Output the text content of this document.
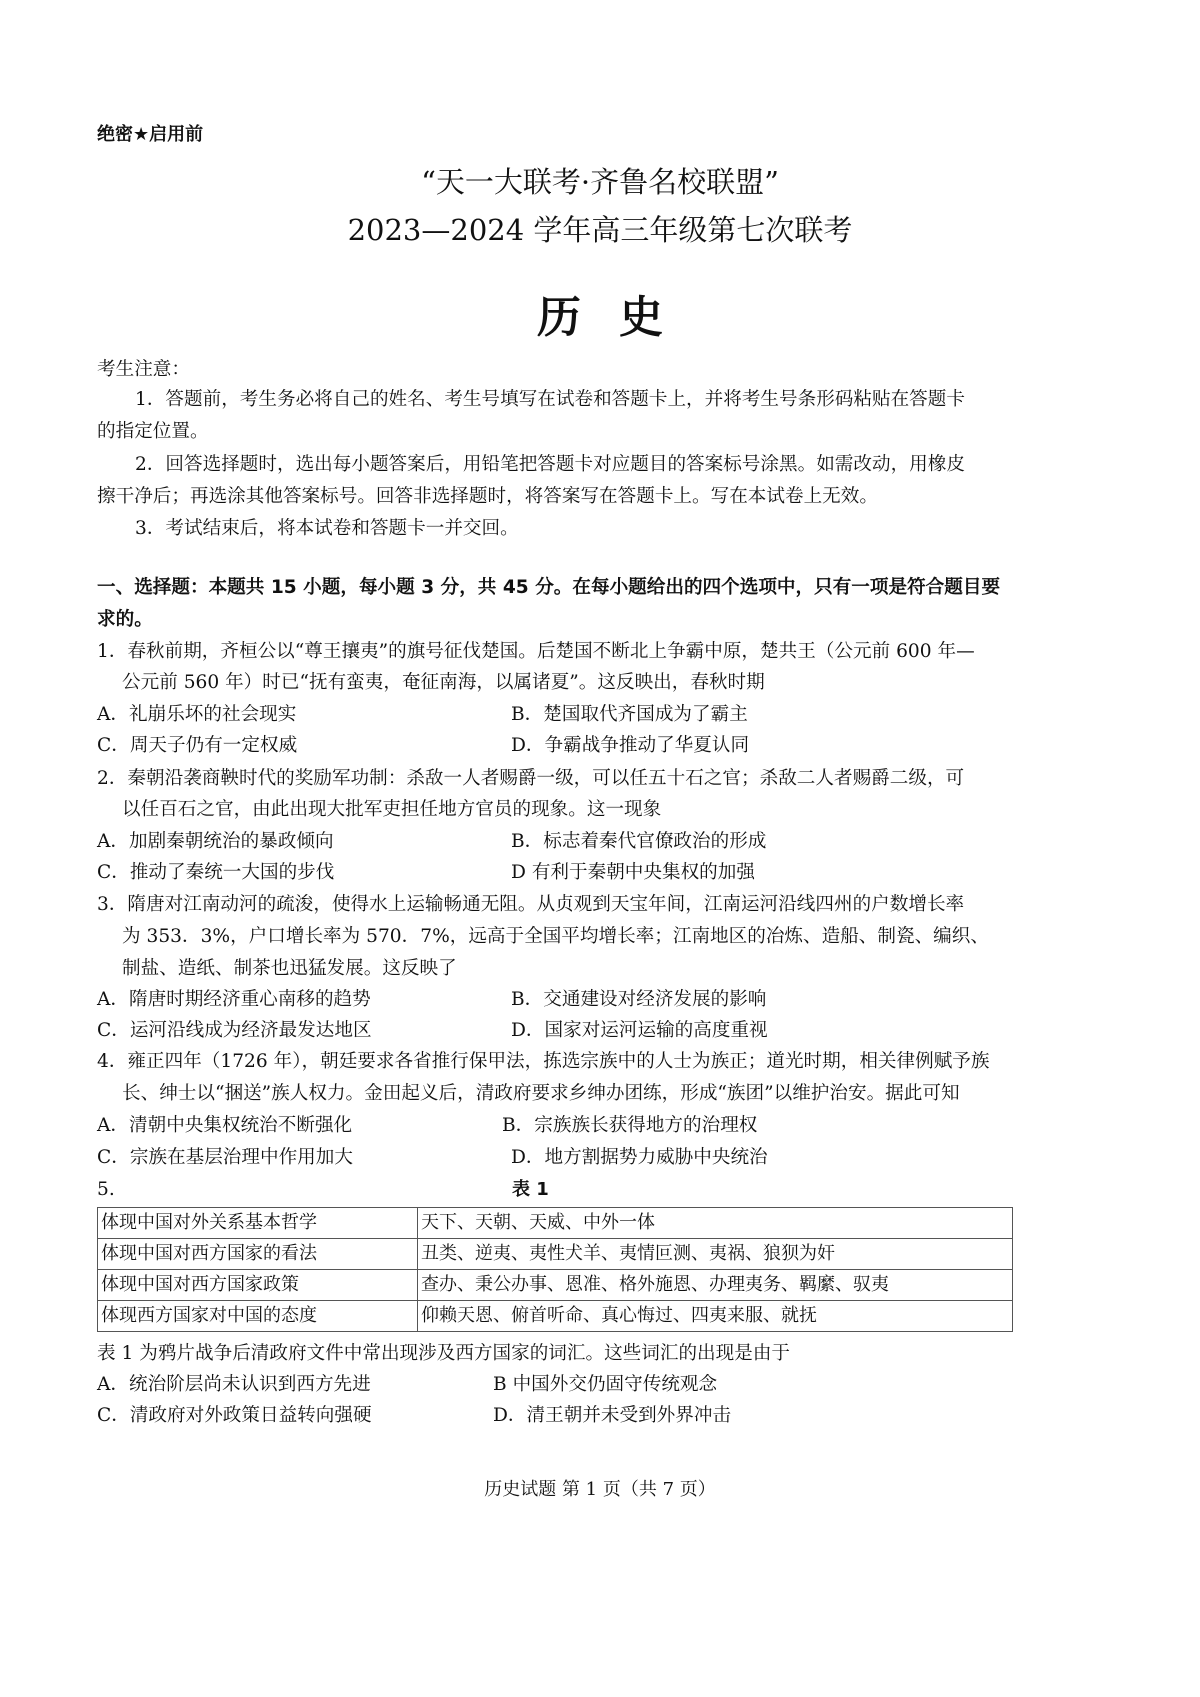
绝密★启用前
“天一大联考·齐鲁名校联盟”
2023—2024 学年高三年级第七次联考
历史
考生注意：
1．答题前，考生务必将自己的姓名、考生号填写在试卷和答题卡上，并将考生号条形码粘贴在答题卡
的指定位置。
2．回答选择题时，选出每小题答案后，用铅笔把答题卡对应题目的答案标号涂黑。如需改动，用橡皮
擦干净后；再选涂其他答案标号。回答非选择题时，将答案写在答题卡上。写在本试卷上无效。
3．考试结束后，将本试卷和答题卡一并交回。
一、选择题：本题共 15 小题，每小题 3 分，共 45 分。在每小题给出的四个选项中，只有一项是符合题目要
求的。
1．春秋前期，齐桓公以“尊王攘夷”的旗号征伐楚国。后楚国不断北上争霸中原，楚共王（公元前 600 年—
公元前 560 年）时已“抚有蛮夷，奄征南海，以属诸夏”。这反映出，春秋时期
A．礼崩乐坏的社会现实	B．楚国取代齐国成为了霸主
C．周天子仍有一定权威	D．争霸战争推动了华夏认同
2．秦朝沿袭商鞅时代的奖励军功制：杀敌一人者赐爵一级，可以任五十石之官；杀敌二人者赐爵二级，可
以任百石之官，由此出现大批军吏担任地方官员的现象。这一现象
A．加剧秦朝统治的暴政倾向	B．标志着秦代官僚政治的形成
C．推动了秦统一大国的步伐	D 有利于秦朝中央集权的加强
3．隋唐对江南动河的疏浚，使得水上运输畅通无阻。从贞观到天宝年间，江南运河沿线四州的户数增长率
为 353．3%，户口增长率为 570．7%，远高于全国平均增长率；江南地区的冶炼、造船、制瓷、编织、
制盐、造纸、制茶也迅猛发展。这反映了
A．隋唐时期经济重心南移的趋势	B．交通建设对经济发展的影响
C．运河沿线成为经济最发达地区	D．国家对运河运输的高度重视
4．雍正四年（1726 年），朝廷要求各省推行保甲法，拣选宗族中的人士为族正；道光时期，相关律例赋予族
长、绅士以“捆送”族人权力。金田起义后，清政府要求乡绅办团练，形成“族团”以维护治安。据此可知
A．清朝中央集权统治不断强化	B．宗族族长获得地方的治理权
C．宗族在基层治理中作用加大	D．地方割据势力威胁中央统治
5.	表 1
体现中国对外关系基本哲学	天下、天朝、天威、中外一体
体现中国对西方国家的看法	丑类、逆夷、夷性犬羊、夷情叵测、夷祸、狼狈为奸
体现中国对西方国家政策	查办、秉公办事、恩准、格外施恩、办理夷务、羁縻、驭夷
体现西方国家对中国的态度	仰赖天恩、俯首听命、真心悔过、四夷来服、就抚
表 1 为鸦片战争后清政府文件中常出现涉及西方国家的词汇。这些词汇的出现是由于
A．统治阶层尚未认识到西方先进	B 中国外交仍固守传统观念
C．清政府对外政策日益转向强硬	D．清王朝并未受到外界冲击
历史试题 第 1 页（共 7 页）
